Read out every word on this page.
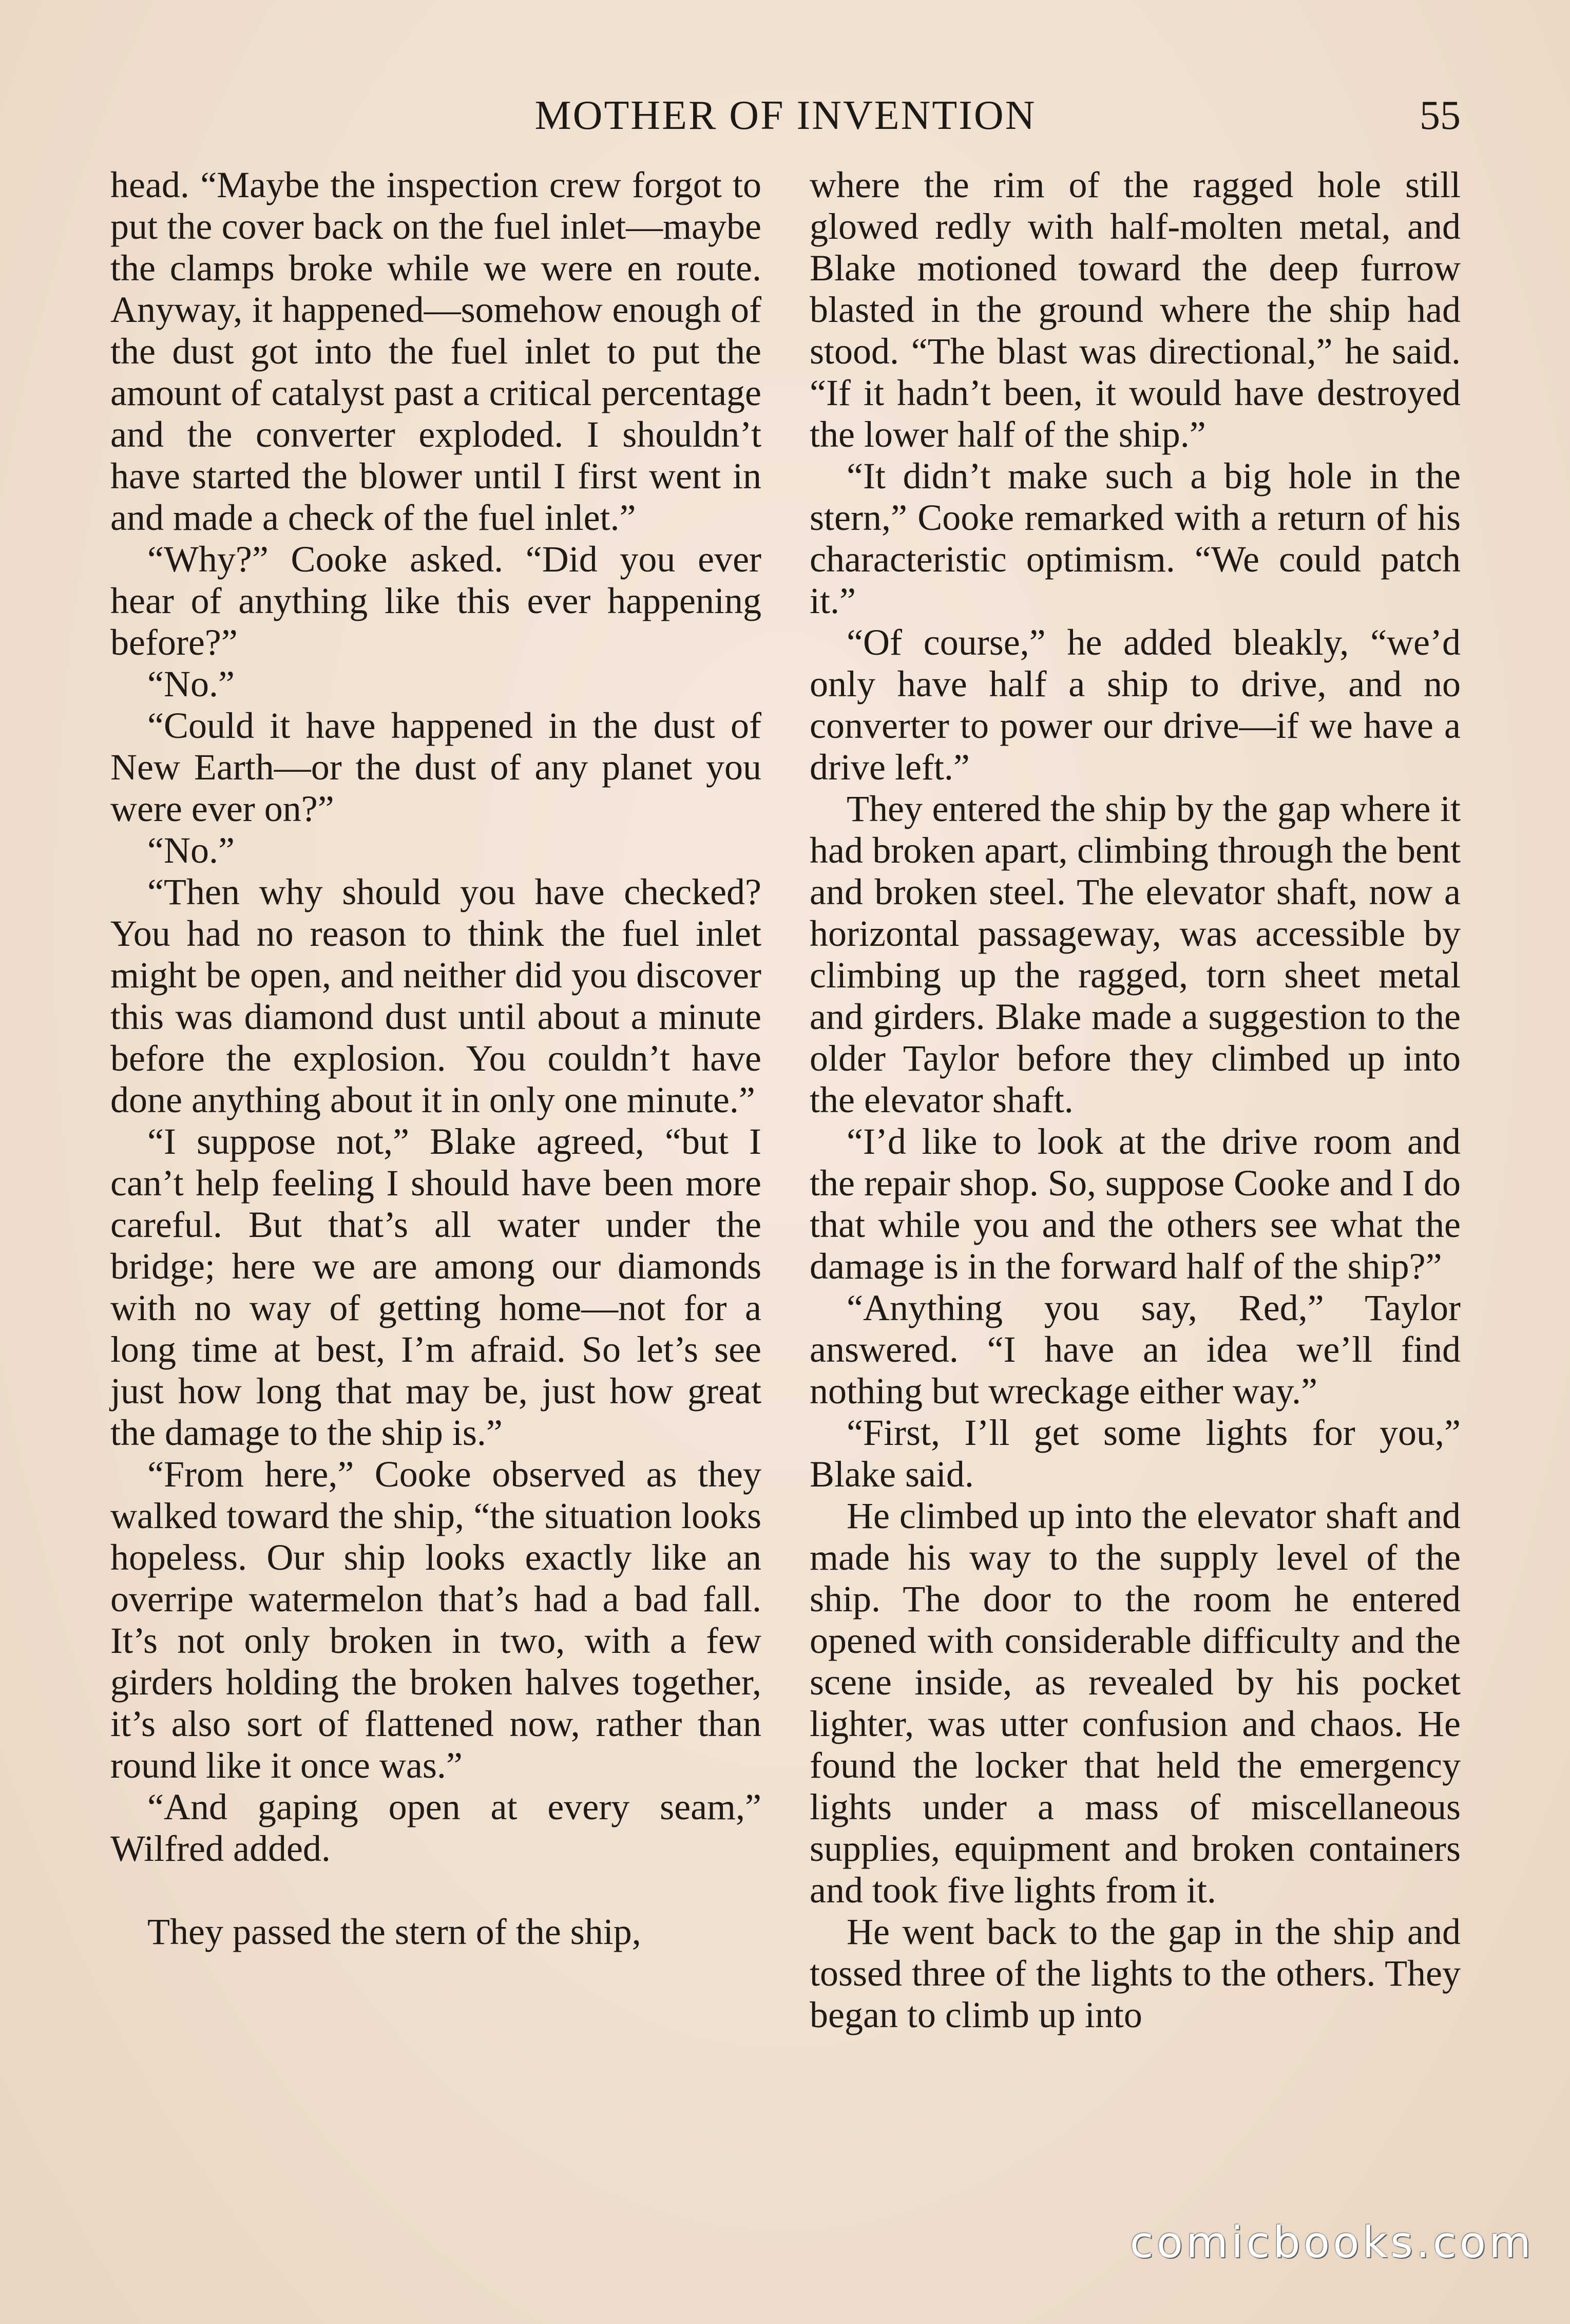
MOTHER OF INVENTION	55

head. “Maybe the inspection crew forgot to put the cover back on the fuel inlet—maybe the clamps broke while we were en route. Anyway, it happened—somehow enough of the dust got into the fuel inlet to put the amount of catalyst past a critical percentage and the converter exploded. I shouldn’t have started the blower until I first went in and made a check of the fuel inlet.”

“Why?” Cooke asked. “Did you ever hear of anything like this ever happening before?”

“No.”

“Could it have happened in the dust of New Earth—or the dust of any planet you were ever on?”

“No.”

“Then why should you have checked? You had no reason to think the fuel inlet might be open, and neither did you discover this was diamond dust until about a minute before the explosion. You couldn’t have done anything about it in only one minute.”

“I suppose not,” Blake agreed, “but I can’t help feeling I should have been more careful. But that’s all water under the bridge; here we are among our diamonds with no way of getting home—not for a long time at best, I’m afraid. So let’s see just how long that may be, just how great the damage to the ship is.”

“From here,” Cooke observed as they walked toward the ship, “the situation looks hopeless. Our ship looks exactly like an overripe watermelon that’s had a bad fall. It’s not only broken in two, with a few girders holding the broken halves together, it’s also sort of flattened now, rather than round like it once was.”

“And gaping open at every seam,” Wilfred added.

They passed the stern of the ship,

where the rim of the ragged hole still glowed redly with half-molten metal, and Blake motioned toward the deep furrow blasted in the ground where the ship had stood. “The blast was directional,” he said. “If it hadn’t been, it would have destroyed the lower half of the ship.”

“It didn’t make such a big hole in the stern,” Cooke remarked with a return of his characteristic optimism. “We could patch it.”

“Of course,” he added bleakly, “we’d only have half a ship to drive, and no converter to power our drive—if we have a drive left.”

They entered the ship by the gap where it had broken apart, climbing through the bent and broken steel. The elevator shaft, now a horizontal passageway, was accessible by climbing up the ragged, torn sheet metal and girders. Blake made a suggestion to the older Taylor before they climbed up into the elevator shaft.

“I’d like to look at the drive room and the repair shop. So, suppose Cooke and I do that while you and the others see what the damage is in the forward half of the ship?”

“Anything you say, Red,” Taylor answered. “I have an idea we’ll find nothing but wreckage either way.”

“First, I’ll get some lights for you,” Blake said.

He climbed up into the elevator shaft and made his way to the supply level of the ship. The door to the room he entered opened with considerable difficulty and the scene inside, as revealed by his pocket lighter, was utter confusion and chaos. He found the locker that held the emergency lights under a mass of miscellaneous supplies, equipment and broken containers and took five lights from it.

He went back to the gap in the ship and tossed three of the lights to the others. They began to climb up into

comicbooks.com
